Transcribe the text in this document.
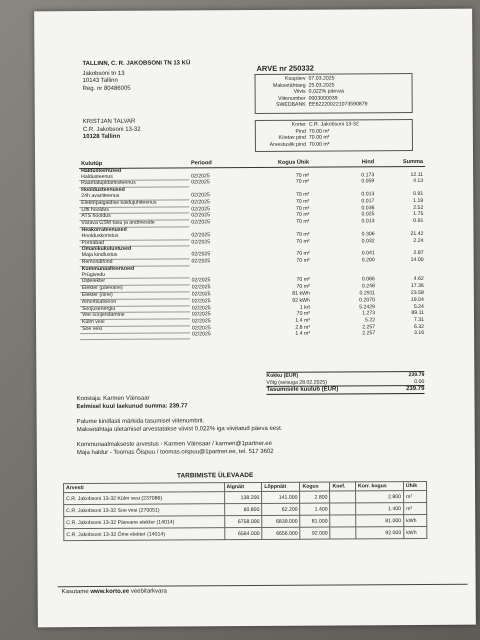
TALLINN, C. R. JAKOBSONI TN 13 KÜ
Jakobsoni tn 13
10143 Tallinn
Reg. nr 80486005
ARVE nr 250332
Kuupäev 07.03.2025
Maksetähtaeg 25.03.2025
Viivis 0,022% päevas
Viitenumber 0003000039
SWEDBANK EE622200221073590879
KRISTJAN TALVAR
C.R. Jakobsoni 13-32
10128 Tallinn
Korter C.R. Jakobsoni 13-32
Pind 70.00 m²
Köetav pind 70.00 m²
Arvestuslik pind 70.00 m²
Kulutüp	Periood	Kogus Ühik	Hind	Summa
Haldusteenused				
Haldusteenus	02/2025	70 m²	0.173	12.11
Raamatupidamisteenus	02/2025	70 m²	0.059	4.13
Hooldusteenused				
24h avariiteenus	02/2025	70 m²	0.013	0.91
Elektripaigaldise käidujuhiteenus	02/2025	70 m²	0.017	1.19
Lifti hooldus	02/2025	70 m²	0.036	2.52
ATS hooldus	02/2025	70 m²	0.025	1.75
Värava GSM tasu ja andmeside	02/2025	70 m²	0.013	0.91
Heakorrateenused				
Hoolduskoristus	02/2025	70 m²	0.306	21.42
Porirabad	02/2025	70 m²	0.032	2.24
Omanikukulustused				
Maja kindlustus	02/2025	70 m²	0.041	2.87
Remondifond	02/2025	70 m²	0.200	14.00
Kommunaalteenused				
Prügivedu				
Üldelekter	02/2025	70 m²	0.066	4.62
Elekter (päevane)	02/2025	70 m²	0.248	17.36
Elekter (öine)	02/2025	81 kWh	0.2911	23.58
Amortisatsioon	02/2025	92 kWh	0.2070	19.04
Soojusenergia	02/2025	1 krt	5.2429	5.24
Vee soojendamine	02/2025	70 m²	1.273	89.11
Külm vesi	02/2025	1.4 m³	5.22	7.31
Soe vesi	02/2025	2.8 m³	2.257	6.32
	02/2025	1.4 m³	2.257	3.16
Kokku (EUR)	239.79
Võlg (seisuga 28.02.2025)	0.00
Tasumisele kuulub (EUR)	239.79
Koostaja: Karmen Väinsaar
Eelmisel kuul laekunud summa: 239.77
Palume kindlasti märkida tasumisel viitenumbrit.
Maksetähtaja ületamisel arvestatakse viivist 0,022% iga viivitatud päeva eest.
Kommunaalmakseste arvestus - Karmen Väinsaar / karmen@1partner.ee
Maja haldur - Toomas Õispuu / toomas.oispuu@1partner.ee, tel. 517 3602
TARBIMISTE ÜLEVAADE
Arvesti	Algnäit	Lõppnäit	Kogus	Koef.	Korr. kogus	Ühik
C.R. Jakobsoni 13-32 Külm vesi (237086)	138.200	141.000	2.800		2.800	m³
C.R. Jakobsoni 13-32 Soe vesi (270051)	60.800	62.200	1.400		1.400	m³
C.R. Jakobsoni 13-32 Päevane elekter (14014)	6758.000	6839.000	81.000		81.000	kWh
C.R. Jakobsoni 13-32 Öine elekter (14014)	6564.000	6656.000	92.000		92.000	kWh
Kasutame www.korto.ee veebitarkvara
